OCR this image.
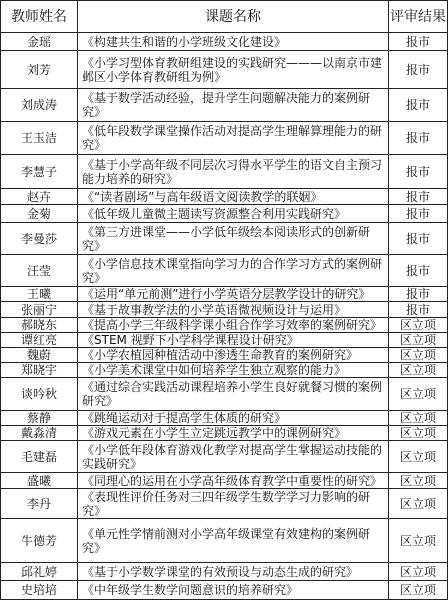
教师姓名	课题名称	评审结果
金瑶	《构建共生和谐的小学班级文化建设》	报市
刘芳	《小学习型体育教研组建设的实践研究———以南京市建邺区小学体育教研组为例》	报市
刘成涛 《基于数学活动经验，提升学生问题解决能力的案例研究》	报市
王玉洁 《低年段数学课堂操作活动对提高学生理解算理能力的研究》	报市
李慧子 《基于小学高年级不同层次习得水平学生的语文自主预习能力培养的研究》	报市
赵卉	《“读者剧场”与高年级语文阅读教学的联姻》	报市
金菊	《低年级儿童微主题读写资源整合利用实践研究》	报市
李曼莎 《第三方进课堂——小学低年级绘本阅读形式的创新研究》	报市
汪莹	《小学信息技术课堂指向学习力的合作学习方式的案例研究》	报市
王曦	《运用“单元前测”进行小学英语分层教学设计的研究》	报市
张丽宁 《基于故事教学法的小学英语微视频设计与运用》	报市
郝晓东 《提高小学三年级科学课小组合作学习效率的案例研究》	区立项
谭红亮 《STEM 视野下小学科学课程设计研究》	区立项
魏蔚	《小学农植园种植活动中渗透生命教育的案例研究》	区立项
郑晓宇 《小学美术课堂中如何培养学生独立观察的能力》	区立项
谈吟秋 《通过综合实践活动课程培养小学生良好就餐习惯的案例研究》	区立项
蔡静	《跳绳运动对于提高学生体质的研究》	区立项
戴淼清 《游戏元素在小学生立定跳远教学中的课例研究》	区立项
毛建磊 《小学低年段体育游戏化教学对提高学生掌握运动技能的实践研究》	区立项
盛曦	《同理心的运用在小学高年级体育教学中重要性的研究》	区立项
李丹	《表现性评价任务对三四年级学生数学学习力影响的研究》	区立项
牛德芳 《单元性学情前测对小学高年级课堂有效建构的案例研究》	区立项
邱礼婷 《基于小学数学课堂的有效预设与动态生成的研究》	区立项
史培培 《中年级学生数学问题意识的培养研究》	区立项
